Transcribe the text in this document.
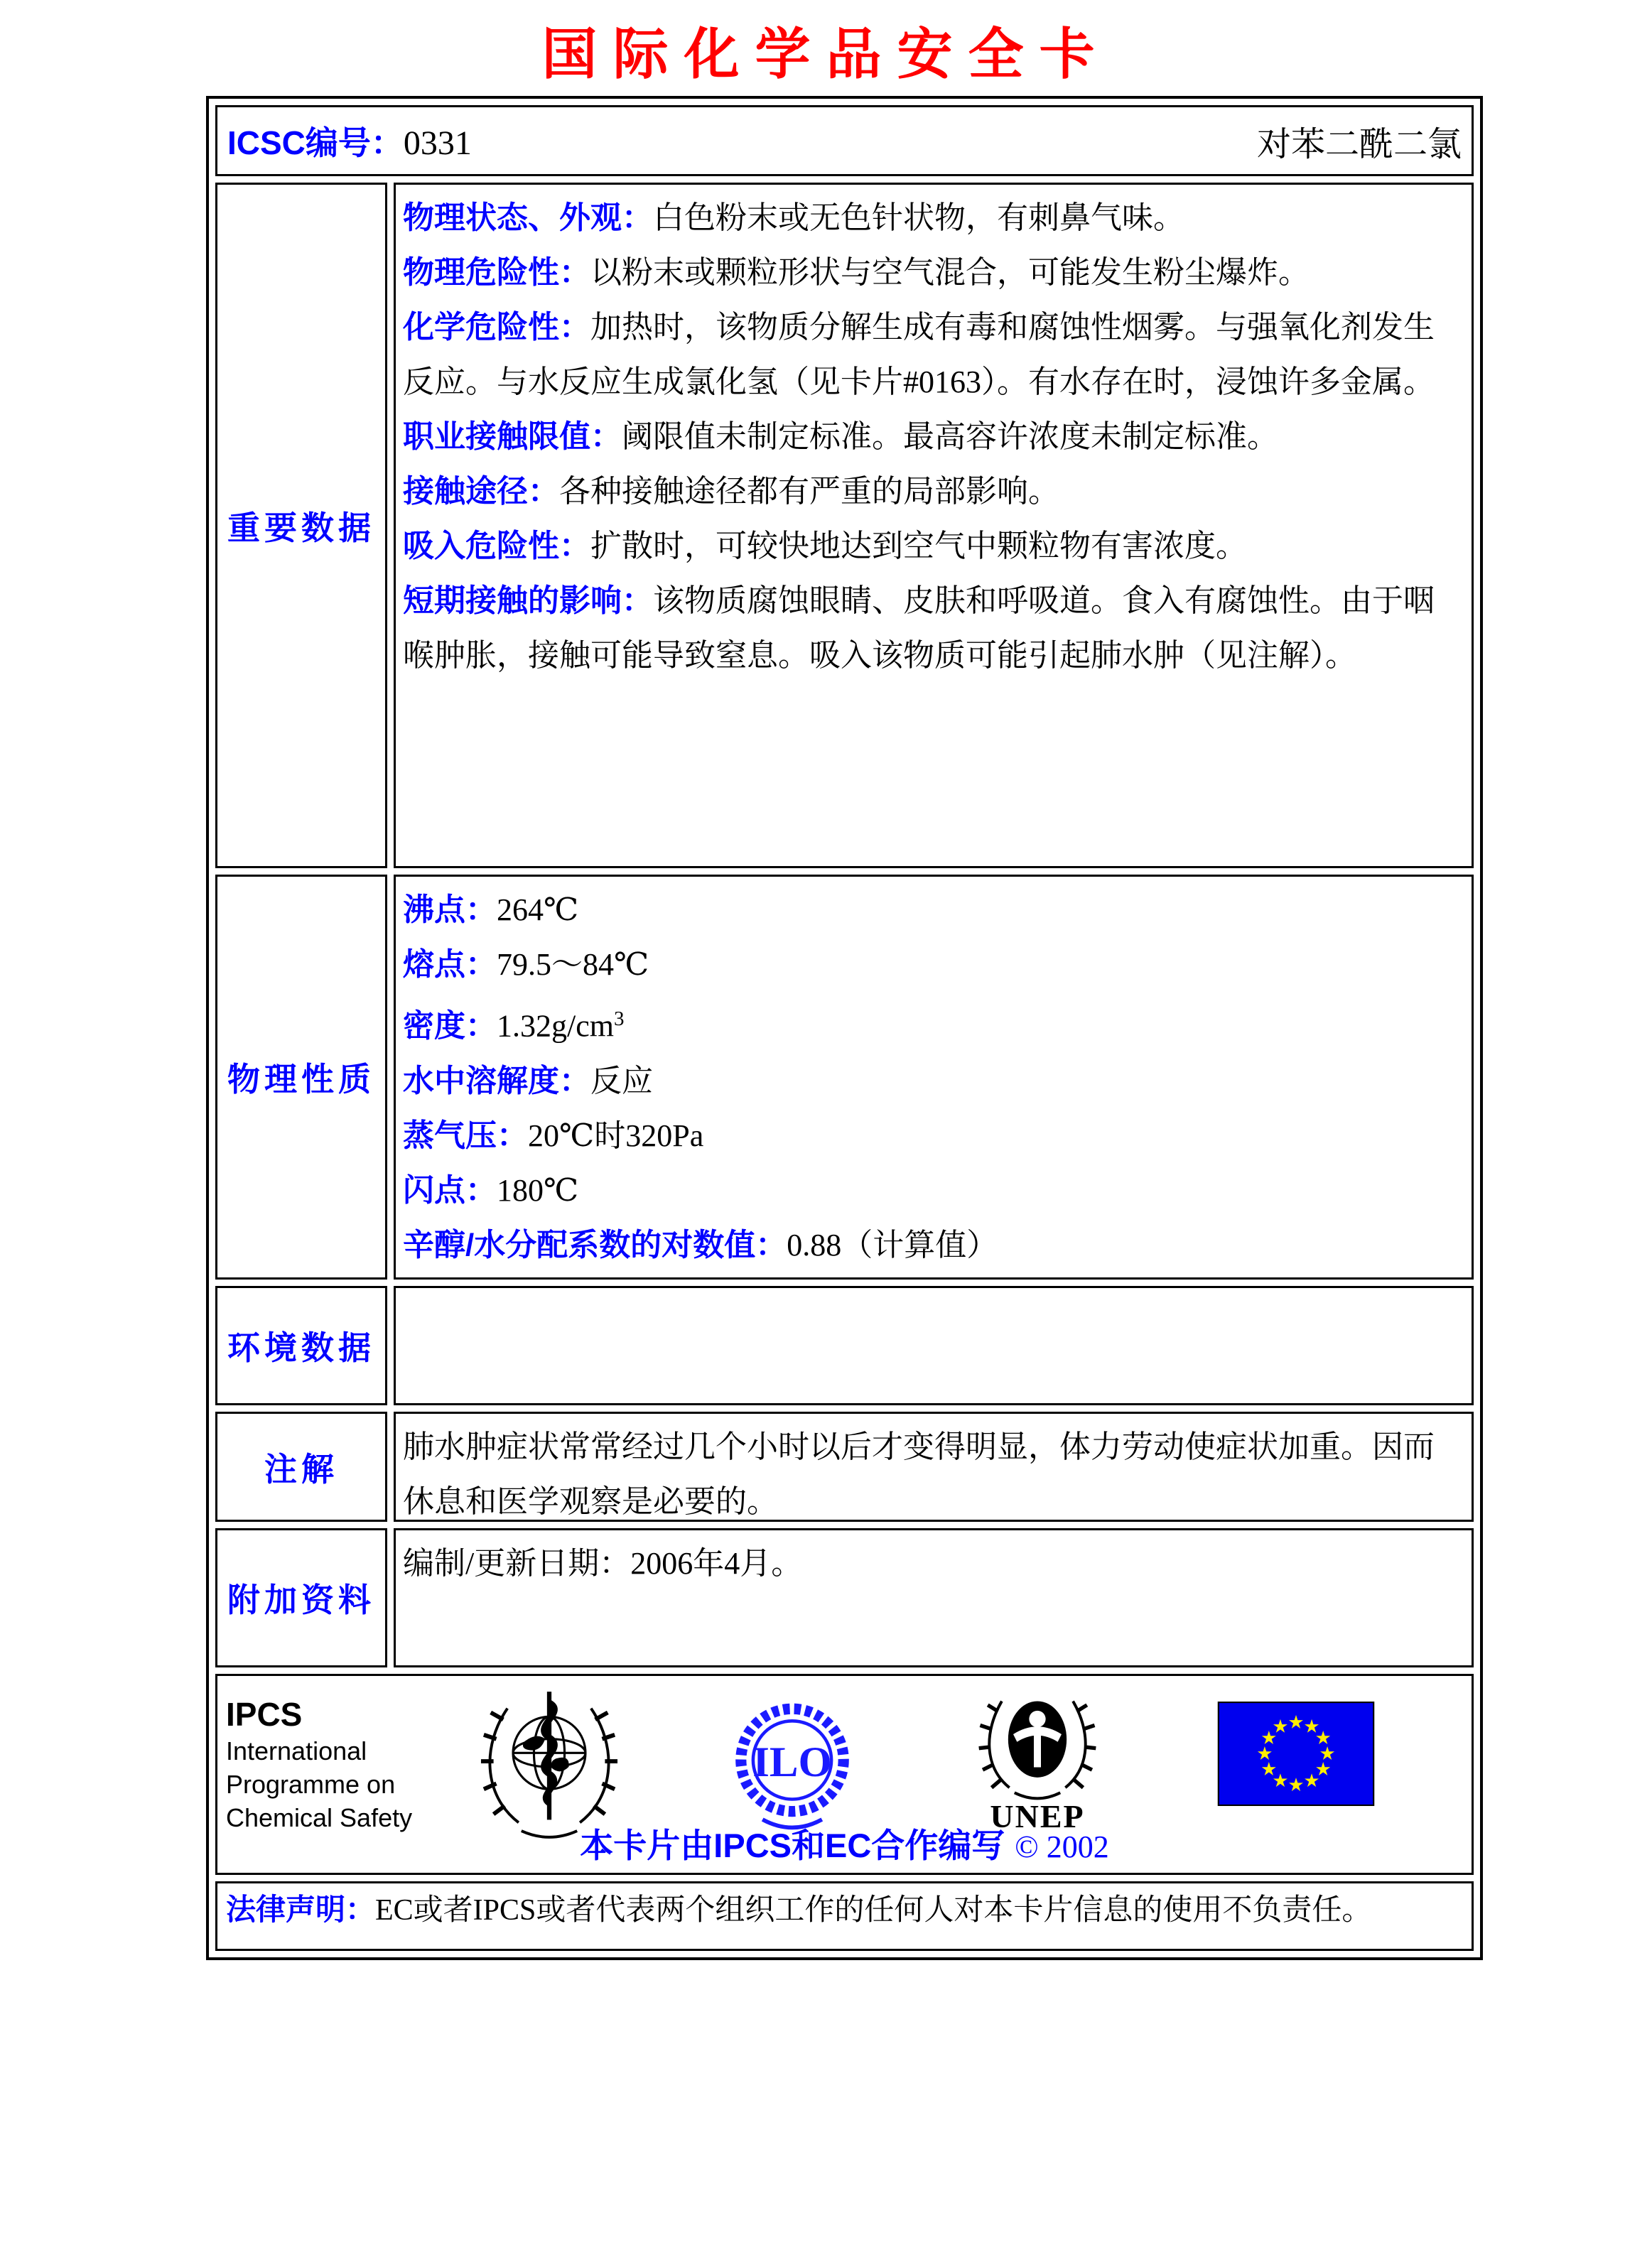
国际化学品安全卡
ICSC编号：0331	对苯二酰二氯
重要数据

物理状态、外观：白色粉末或无色针状物，有刺鼻气味。

物理危险性：以粉末或颗粒形状与空气混合，可能发生粉尘爆炸。

化学危险性：加热时，该物质分解生成有毒和腐蚀性烟雾。与强氧化剂发生反应。与水反应生成氯化氢（见卡片#0163）。有水存在时，浸蚀许多金属。

职业接触限值：阈限值未制定标准。最高容许浓度未制定标准。

接触途径：各种接触途径都有严重的局部影响。

吸入危险性：扩散时，可较快地达到空气中颗粒物有害浓度。

短期接触的影响：该物质腐蚀眼睛、皮肤和呼吸道。食入有腐蚀性。由于咽喉肿胀，接触可能导致窒息。吸入该物质可能引起肺水肿（见注解）。

物理性质

沸点：264℃

熔点：79.5～84℃

密度：$1.32g/cm^3$

水中溶解度：反应

蒸气压：20℃时320Pa

闪点：180℃

辛醇/水分配系数的对数值：0.88（计算值）

环境数据
注解
肺水肿症状常常经过几个小时以后才变得明显，体力劳动使症状加重。因而休息和医学观察是必要的。
附加资料
编制/更新日期：2006年4月。
IPCS
International
Programme on
Chemical Safety
ILO
UNEP
本卡片由IPCS和EC合作编写 © 2002
法律声明：EC或者IPCS或者代表两个组织工作的任何人对本卡片信息的使用不负责任。
